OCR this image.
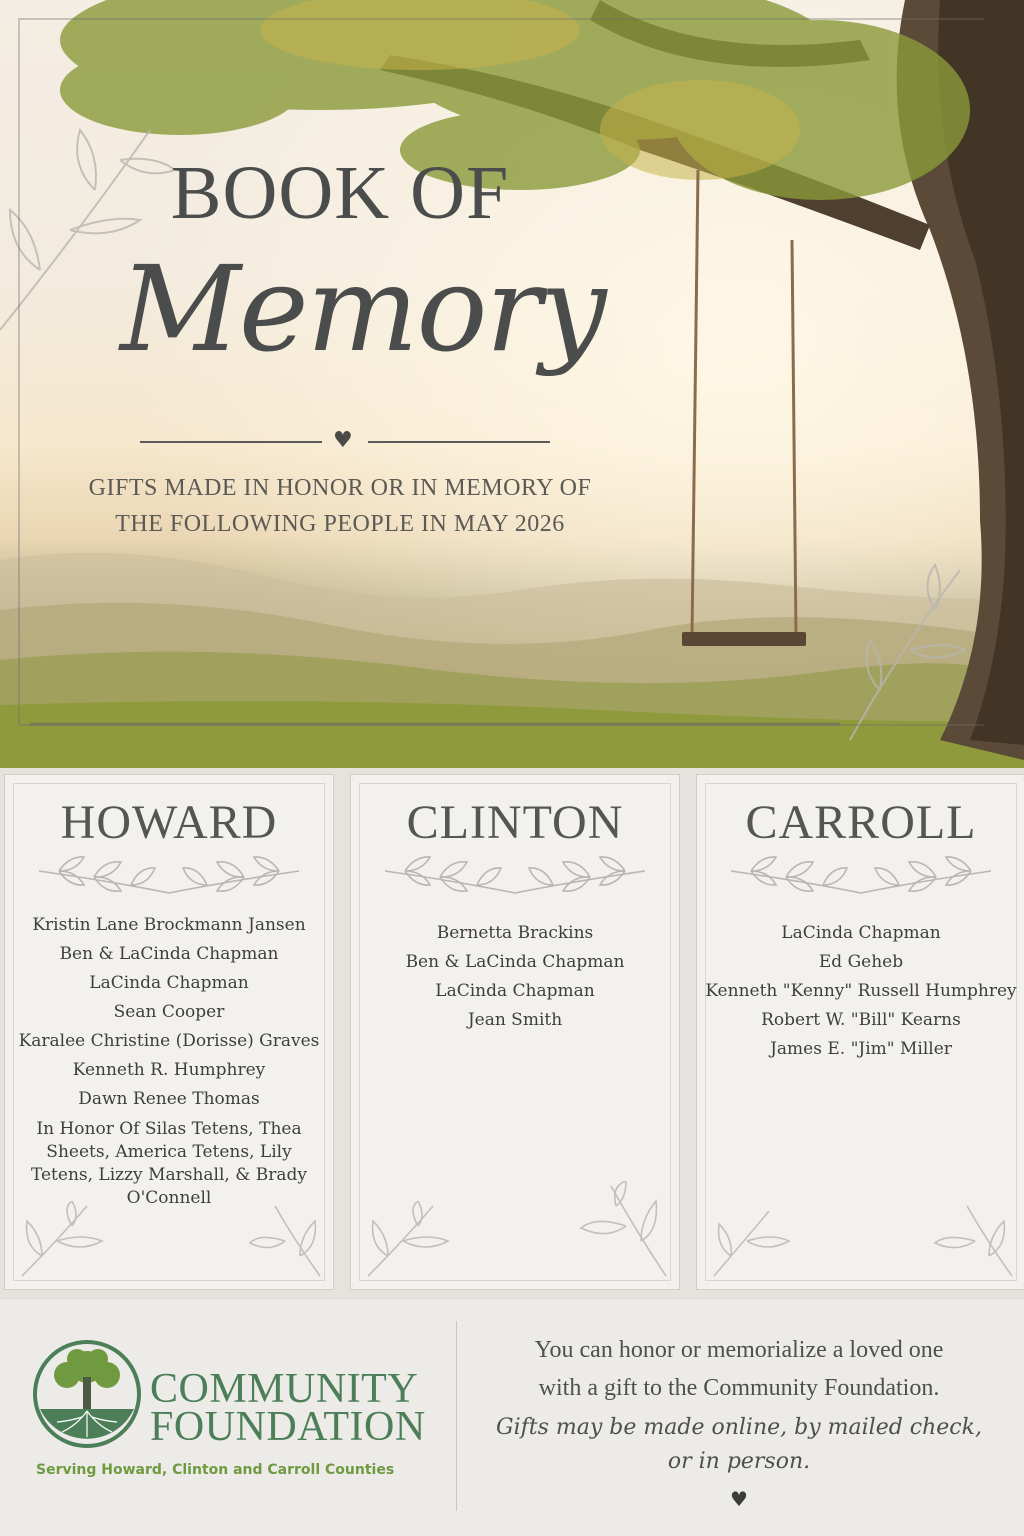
BOOK OF
Memory
♥
GIFTS MADE IN HONOR OR IN MEMORY OF
THE FOLLOWING PEOPLE IN MAY 2026
HOWARD
Kristin Lane Brockmann Jansen
Ben & LaCinda Chapman
LaCinda Chapman
Sean Cooper
Karalee Christine (Dorisse) Graves
Kenneth R. Humphrey
Dawn Renee Thomas
In Honor Of Silas Tetens, Thea Sheets, America Tetens, Lily Tetens, Lizzy Marshall, & Brady O'Connell
CLINTON
Bernetta Brackins
Ben & LaCinda Chapman
LaCinda Chapman
Jean Smith
CARROLL
LaCinda Chapman
Ed Geheb
Kenneth "Kenny" Russell Humphrey
Robert W. "Bill" Kearns
James E. "Jim" Miller
COMMUNITY
FOUNDATION
Serving Howard, Clinton and Carroll Counties
You can honor or memorialize a loved one
with a gift to the Community Foundation.
Gifts may be made online, by mailed check,
or in person.
♥
